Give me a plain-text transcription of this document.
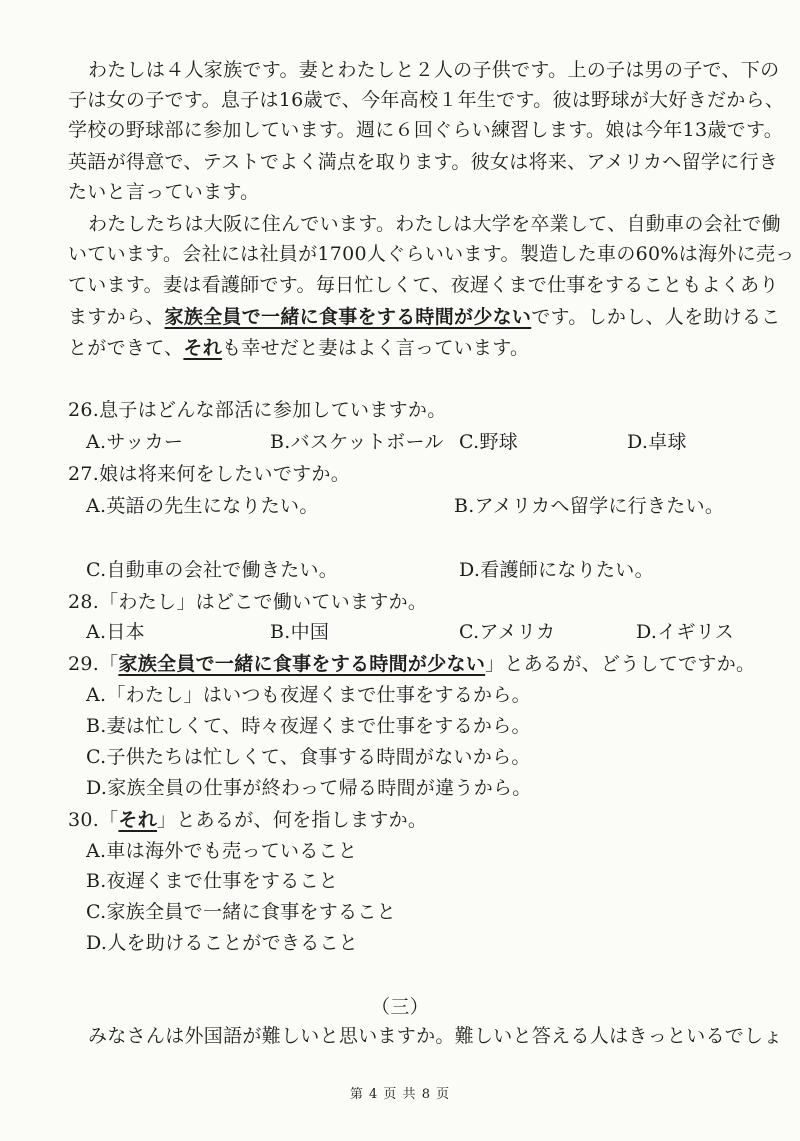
わたしは４人家族です。妻とわたしと２人の子供です。上の子は男の子で、下の
子は女の子です。息子は16歳で、今年高校１年生です。彼は野球が大好きだから、
学校の野球部に参加しています。週に６回ぐらい練習します。娘は今年13歳です。
英語が得意で、テストでよく満点を取ります。彼女は将来、アメリカへ留学に行き
たいと言っています。
わたしたちは大阪に住んでいます。わたしは大学を卒業して、自動車の会社で働
いています。会社には社員が1700人ぐらいいます。製造した車の60%は海外に売っ
ています。妻は看護師です。毎日忙しくて、夜遅くまで仕事をすることもよくあり
ますから、家族全員で一緒に食事をする時間が少ないです。しかし、人を助けるこ
とができて、それも幸せだと妻はよく言っています。
26.息子はどんな部活に参加していますか。
A.サッカー	B.バスケットボール C.野球	D.卓球
27.娘は将来何をしたいですか。
A.英語の先生になりたい。	B.アメリカへ留学に行きたい。
C.自動車の会社で働きたい。	D.看護師になりたい。
28.「わたし」はどこで働いていますか。
A.日本	B.中国	C.アメリカ	D.イギリス
29.「家族全員で一緒に食事をする時間が少ない」とあるが、どうしてですか。
A.「わたし」はいつも夜遅くまで仕事をするから。
B.妻は忙しくて、時々夜遅くまで仕事をするから。
C.子供たちは忙しくて、食事する時間がないから。
D.家族全員の仕事が終わって帰る時間が違うから。
30.「それ」とあるが、何を指しますか。
A.車は海外でも売っていること
B.夜遅くまで仕事をすること
C.家族全員で一緒に食事をすること
D.人を助けることができること
（三）
みなさんは外国語が難しいと思いますか。難しいと答える人はきっといるでしょ
第 4 页 共 8 页
